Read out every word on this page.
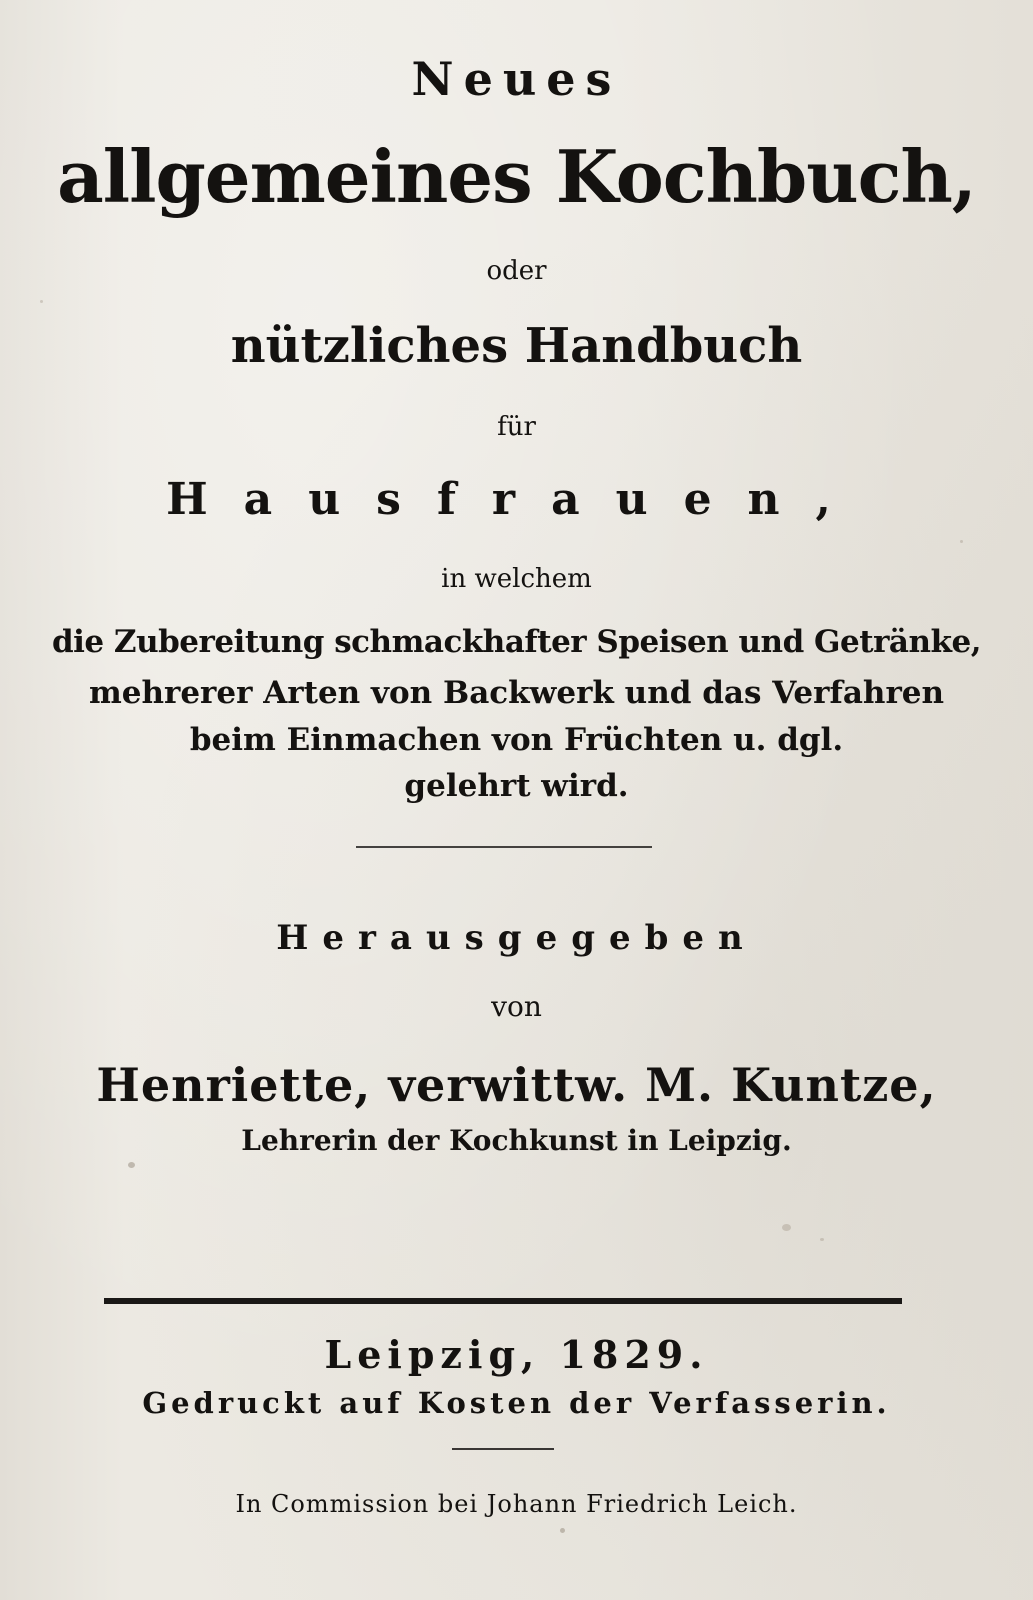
Neues
allgemeines Kochbuch,
oder
nützliches Handbuch
für
Hausfrauen,
in welchem
die Zubereitung schmackhafter Speisen und Getränke,
mehrerer Arten von Backwerk und das Verfahren
beim Einmachen von Früchten u. dgl.
gelehrt wird.
Herausgegeben
von
Henriette, verwittw. M. Kuntze,
Lehrerin der Kochkunst in Leipzig.
Leipzig, 1829.
Gedruckt auf Kosten der Verfasserin.
In Commission bei Johann Friedrich Leich.
